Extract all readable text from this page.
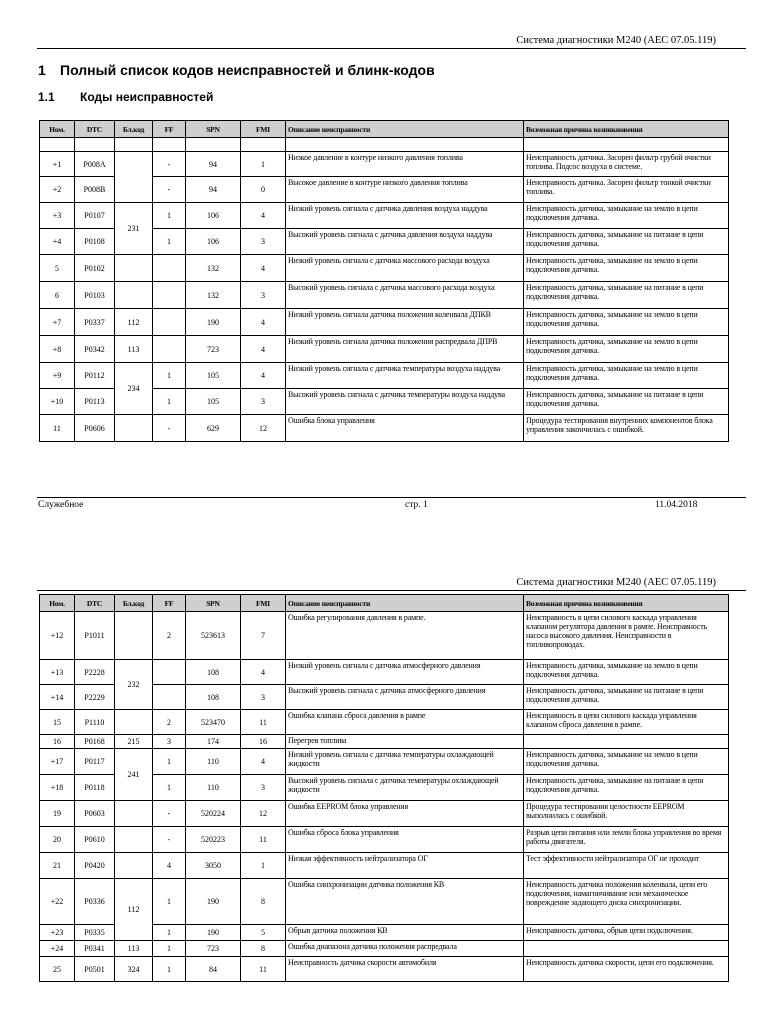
Система диагностики М240 (AEC 07.05.119)
1 Полный список кодов неисправностей и блинк-кодов
1.1 Коды неисправностей
Ном.	DTC	Бл.код	FF	SPN	FMI	Описание неисправности	Возможная причина возникновения

+1	P008A		-	94	1	Низкое давление в контуре низкого давления топлива	Неисправность датчика. Засорен фильтр грубой очистки топлива. Подсос воздуха в системе.
+2	P008B		-	94	0	Высокое давление в контуре низкого давления топлива	Неисправность датчика. Засорен фильтр тонкой очистки топлива.
+3	P0107	231	1	106	4	Низкий уровень сигнала с датчика давления воздуха наддува	Неисправность датчика, замыкание на землю в цепи подключения датчика.
+4	P0108		1	106	3	Высокий уровень сигнала с датчика давления воздуха наддува	Неисправность датчика, замыкание на питание в цепи подключения датчика.
5	P0102			132	4	Низкий уровень сигнала с датчика массового расхода воздуха	Неисправность датчика, замыкание на землю в цепи подключения датчика.
6	P0103			132	3	Высокий уровень сигнала с датчика массового расхода воздуха	Неисправность датчика, замыкание на питание в цепи подключения датчика.
+7	P0337	112		190	4	Низкий уровень сигнала датчика положения коленвала ДПКВ	Неисправность датчика, замыкание на землю в цепи подключения датчика.
+8	P0342	113		723	4	Низкий уровень сигнала датчика положения распредвала ДПРВ	Неисправность датчика, замыкание на землю в цепи подключения датчика.
+9	P0112	234	1	105	4	Низкий уровень сигнала с датчика температуры воздуха наддува	Неисправность датчика, замыкание на землю в цепи подключения датчика.
+10	P0113		1	105	3	Высокий уровень сигнала с датчика температуры воздуха наддува	Неисправность датчика, замыкание на питание в цепи подключения датчика.
11	P0606		-	629	12	Ошибка блока управления	Процедура тестирования внутренних компонентов блока управления закончилась с ошибкой.
Служебное	стр. 1	11.04.2018
Система диагностики М240 (AEC 07.05.119)
Ном.	DTC	Бл.код	FF	SPN	FMI	Описание неисправности	Возможная причина возникновения
+12	P1011		2	523613	7	Ошибка регулирования давления в рампе.	Неисправность в цепи силового каскада управления клапаном регулятора давления в рампе. Неисправность насоса высокого давления. Неисправности в топливопроводах.
+13	P2228	232		108	4	Низкий уровень сигнала с датчика атмосферного давления	Неисправность датчика, замыкание на землю в цепи подключения датчика.
+14	P2229			108	3	Высокий уровень сигнала с датчика атмосферного давления	Неисправность датчика, замыкание на питание в цепи подключения датчика.
15	P1110		2	523470	11	Ошибка клапана сброса давления в рампе	Неисправность в цепи силового каскада управления клапаном сброса давления в рампе.
16	P0168	215	3	174	16	Перегрев топлива	
+17	P0117	241	1	110	4	Низкий уровень сигнала с датчика температуры охлаждающей жидкости	Неисправность датчика, замыкание на землю в цепи подключения датчика.
+18	P0118		1	110	3	Высокий уровень сигнала с датчика температуры охлаждающей жидкости	Неисправность датчика, замыкание на питание в цепи подключения датчика.
19	P0603		-	520224	12	Ошибка EEPROM блока управления	Процедура тестирования целостности EEPROM выполнилась с ошибкой.
20	P0610		-	520223	11	Ошибка сброса блока управления	Разрыв цепи питания или земли блока управления во время работы двигателя.
21	P0420		4	3050	1	Низкая эффективность нейтрализатора ОГ	Тест эффективности нейтрализатора ОГ не проходит
+22	P0336	112	1	190	8	Ошибка синхронизации датчика положения КВ	Неисправность датчика положения коленвала, цепи его подключения, намагничивание или механическое повреждение задающего диска синхронизации.
+23	P0335		1	190	5	Обрыв датчика положения КВ	Неисправность датчика, обрыв цепи подключения.
+24	P0341	113	1	723	8	Ошибка диапазона датчика положения распредвала	
25	P0501	324	1	84	11	Неисправность датчика скорости автомобиля	Неисправность датчика скорости, цепи его подключения.
